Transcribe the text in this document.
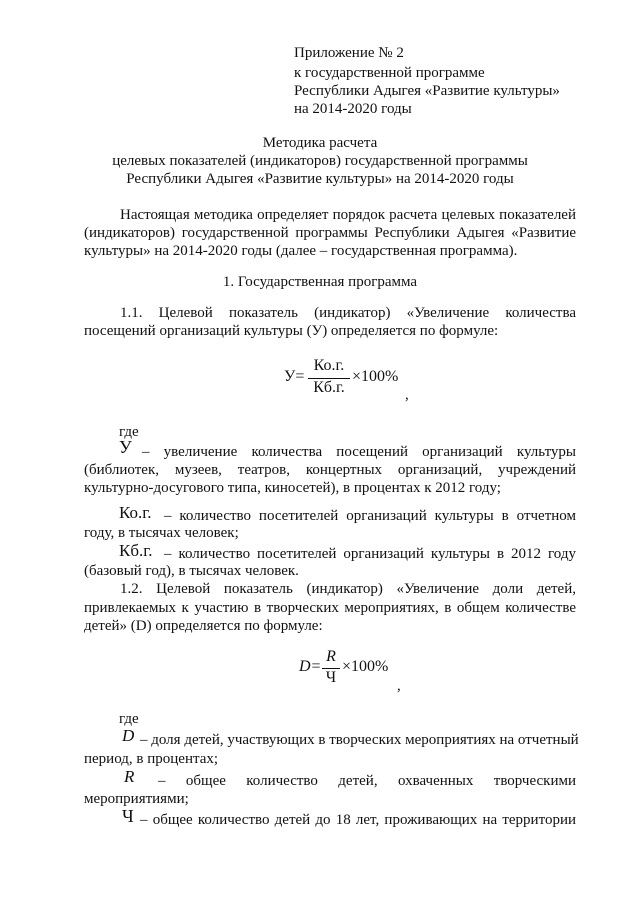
Приложение № 2
к государственной программе
Республики Адыгея «Развитие культуры»
на 2014-2020 годы
Методика расчета
целевых показателей (индикаторов) государственной программы
Республики Адыгея «Развитие культуры» на 2014-2020 годы
Настоящая методика определяет порядок расчета целевых показателей
(индикаторов) государственной программы Республики Адыгея «Развитие
культуры» на 2014-2020 годы (далее – государственная программа).
1. Государственная программа
1.1. Целевой показатель (индикатор) «Увеличение количества
посещений организаций культуры (У) определяется по формуле:
У=
Ко.г.
Кб.г.
×100%
,
где
У – увеличение количества посещений организаций культуры
(библиотек, музеев, театров, концертных организаций, учреждений
культурно-досугового типа, киносетей), в процентах к 2012 году;
Ко.г. – количество посетителей организаций культуры в отчетном
году, в тысячах человек;
Кб.г. – количество посетителей организаций культуры в 2012 году
(базовый год), в тысячах человек.
1.2. Целевой показатель (индикатор) «Увеличение доли детей,
привлекаемых к участию в творческих мероприятиях, в общем количестве
детей» (D) определяется по формуле:
D=
R
Ч
×100%
,
где
D – доля детей, участвующих в творческих мероприятиях на отчетный
период, в процентах;
R – общее количество детей, охваченных творческими
мероприятиями;
Ч – общее количество детей до 18 лет, проживающих на территории
